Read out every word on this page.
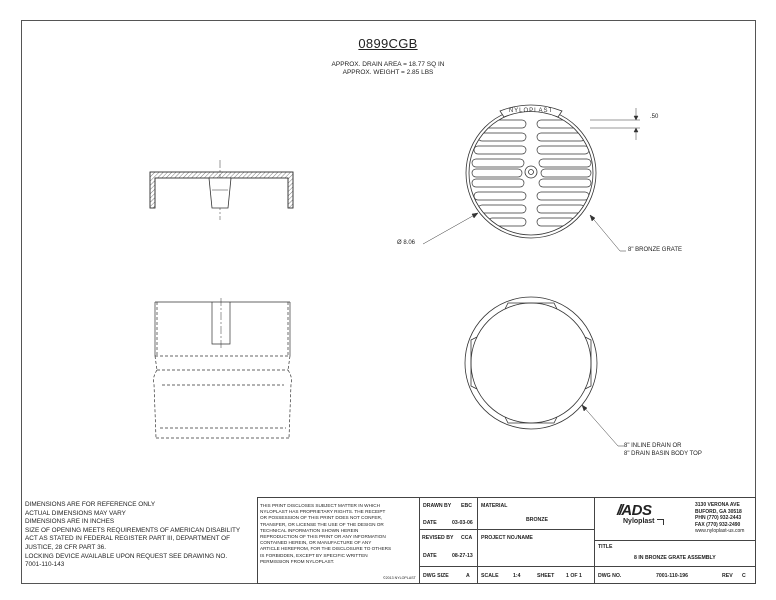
0899CGB
APPROX. DRAIN AREA = 18.77 SQ IN
APPROX. WEIGHT = 2.85 LBS
NYLOPLAST
.50
Ø 8.06
8" BRONZE GRATE
8" INLINE DRAIN OR
8" DRAIN BASIN BODY TOP
DIMENSIONS ARE FOR REFERENCE ONLY
ACTUAL DIMENSIONS MAY VARY
DIMENSIONS ARE IN INCHES
SIZE OF OPENING MEETS REQUIREMENTS OF AMERICAN DISABILITY
ACT AS STATED IN FEDERAL REGISTER PART III, DEPARTMENT OF
JUSTICE, 28 CFR PART 36.
LOCKING DEVICE AVAILABLE UPON REQUEST SEE DRAWING NO.
7001-110-143
THIS PRINT DISCLOSES SUBJECT MATTER IN WHICH
NYLOPLAST HAS PROPRIETARY RIGHTS. THE RECEIPT
OR POSSESSION OF THIS PRINT DOES NOT CONFER,
TRANSFER, OR LICENSE THE USE OF THE DESIGN OR
TECHNICAL INFORMATION SHOWN HEREIN
REPRODUCTION OF THIS PRINT OR ANY INFORMATION
CONTAINED HEREIN, OR MANUFACTURE OF ANY
ARTICLE HEREFROM, FOR THE DISCLOSURE TO OTHERS
IS FORBIDDEN, EXCEPT BY SPECIFIC WRITTEN
PERMISSION FROM NYLOPLAST.
©2013 NYLOPLAST
DRAWN BY EBC
DATE	03-03-06
REVISED BY CCA
DATE	08-27-13
DWG SIZE	A
MATERIAL
BRONZE
PROJECT NO./NAME
SCALE	1:4	SHEET 1 OF 1
//ADS
Nyloplast
3130 VERONA AVE
BUFORD, GA 30518
PHN (770) 932-2443
FAX (770) 932-2490
www.nyloplast-us.com
TITLE
8 IN BRONZE GRATE ASSEMBLY
DWG NO.	7001-110-196	REV C
